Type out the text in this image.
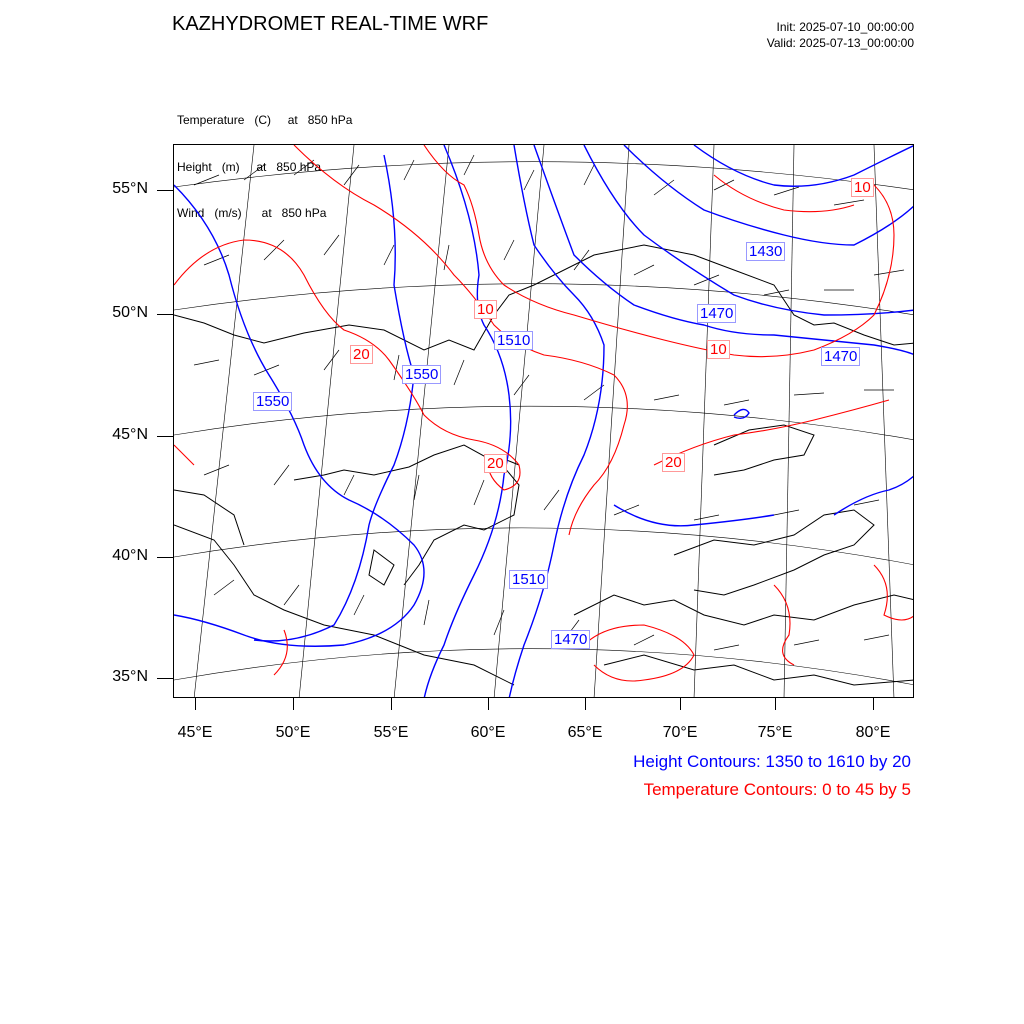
KAZHYDROMET REAL-TIME WRF	Init: 2025-07-10_00:00:00
Valid: 2025-07-13_00:00:00

Temperature   (C)     at   850 hPa

Height   (m)     at   850 hPa

Wind   (m/s)      at   850 hPa

1430
1470
1470
1510
1550
1550
1510
1470
10
10
20	10
20	20
55°N
50°N
45°N
40°N
35°N
45°E	50°E	55°E	60°E	65°E	70°E	75°E	80°E
Height Contours: 1350 to 1610 by 20
Temperature Contours: 0 to 45 by 5
